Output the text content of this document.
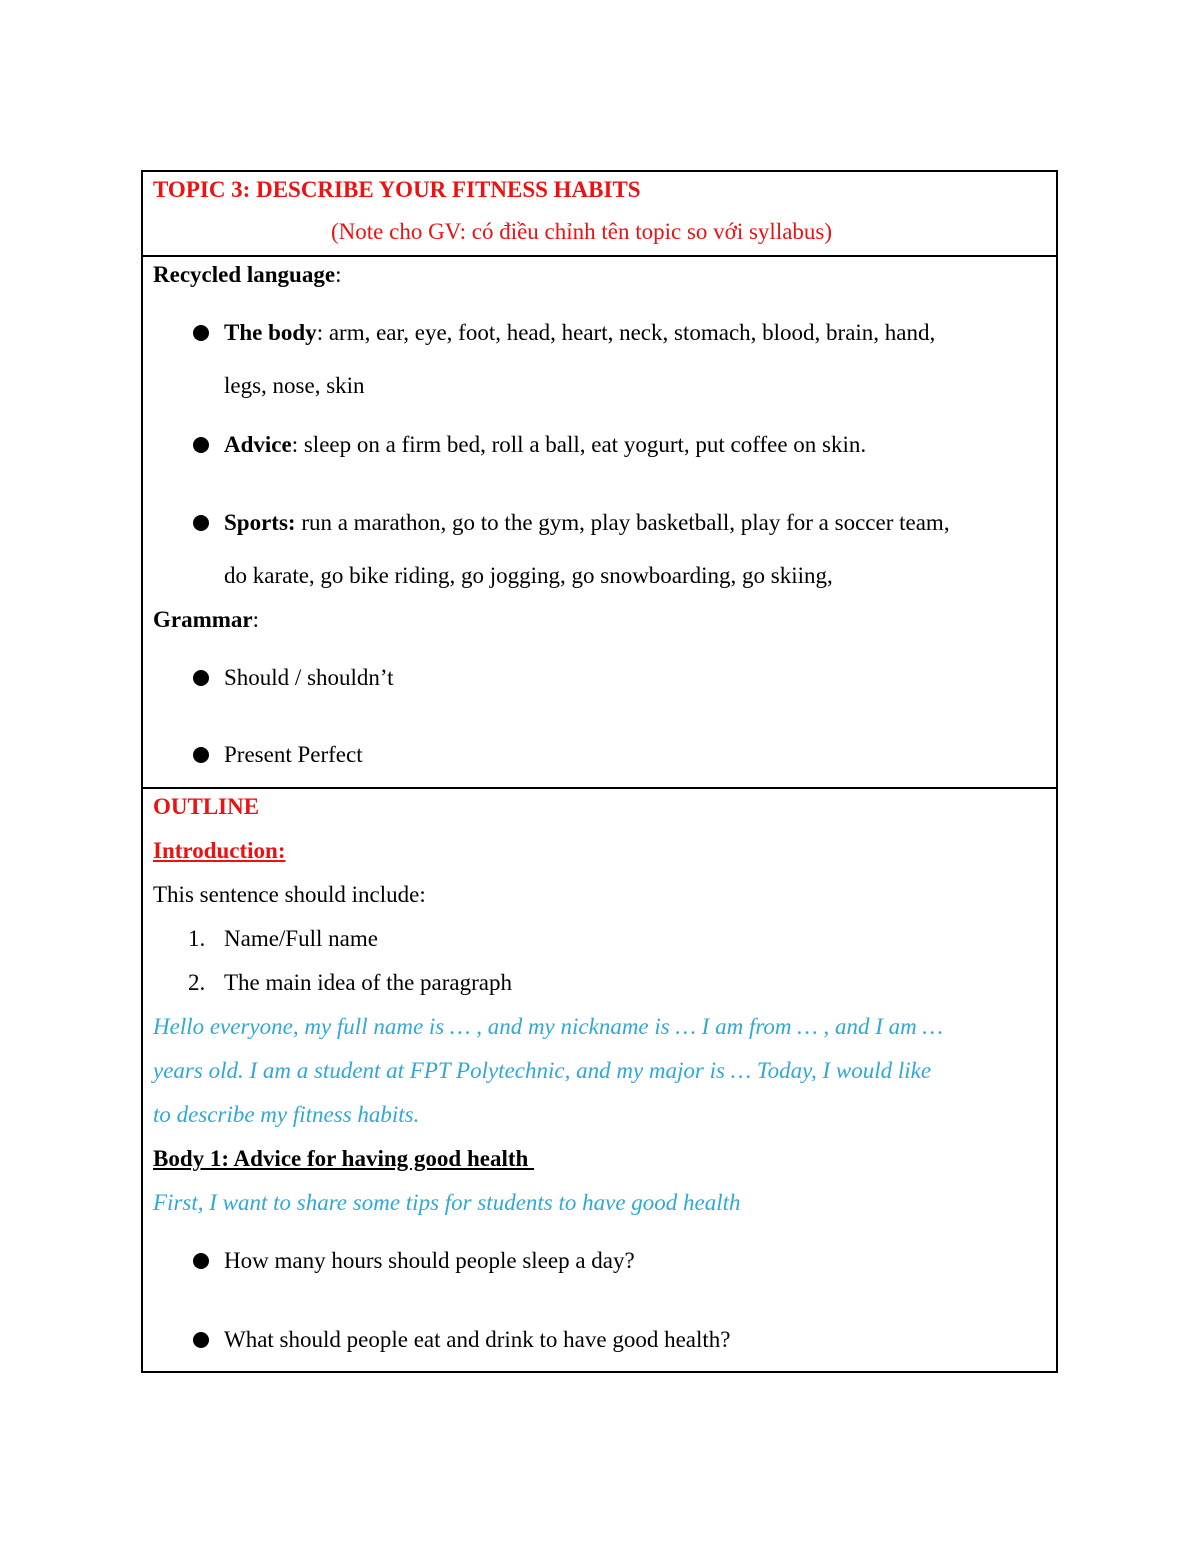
TOPIC 3: DESCRIBE YOUR FITNESS HABITS
(Note cho GV: có điều chỉnh tên topic so với syllabus)
Recycled language:
The body: arm, ear, eye, foot, head, heart, neck, stomach, blood, brain, hand,
legs, nose, skin
Advice: sleep on a firm bed, roll a ball, eat yogurt, put coffee on skin.
Sports: run a marathon, go to the gym, play basketball, play for a soccer team,
do karate, go bike riding, go jogging, go snowboarding, go skiing,
Grammar:
Should / shouldn’t
Present Perfect
OUTLINE
Introduction:
This sentence should include:
1. Name/Full name
2. The main idea of the paragraph
Hello everyone, my full name is … , and my nickname is … I am from … , and I am …
years old. I am a student at FPT Polytechnic, and my major is … Today, I would like
to describe my fitness habits.
Body 1: Advice for having good health
First, I want to share some tips for students to have good health
How many hours should people sleep a day?
What should people eat and drink to have good health?
